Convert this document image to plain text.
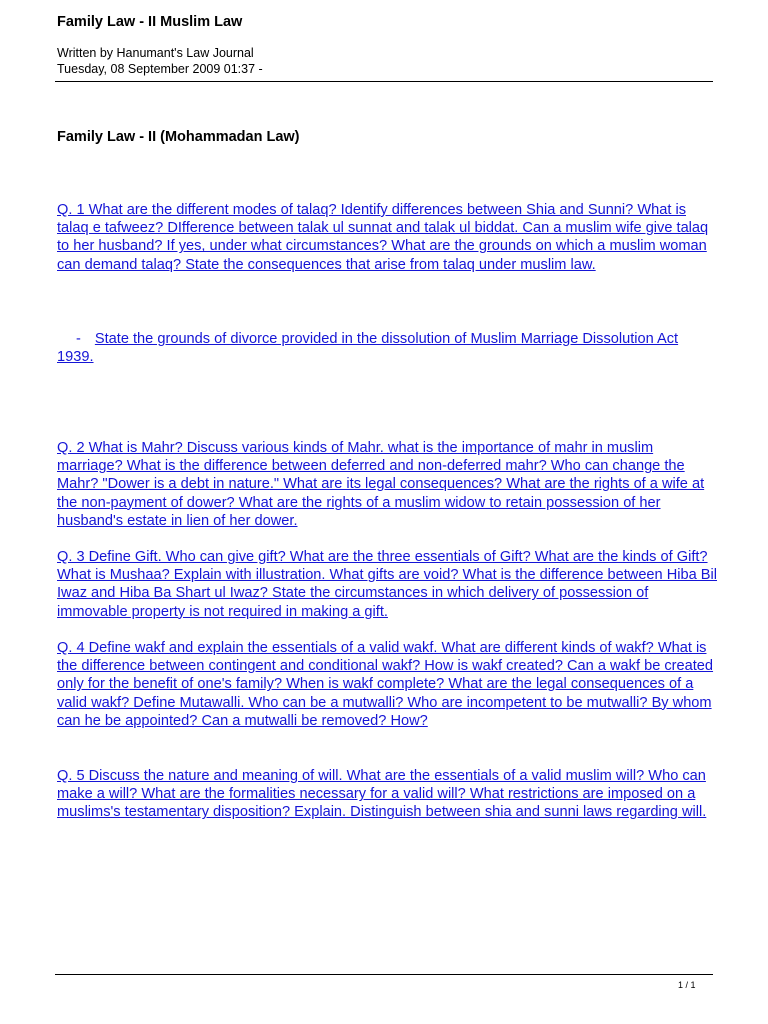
Family Law - II Muslim Law
Written by Hanumant's Law Journal
Tuesday, 08 September 2009 01:37 -
Family Law - II (Mohammadan Law)
Q. 1 What are the different modes of talaq? Identify differences between Shia and Sunni? What is talaq e tafweez? DIfference between talak ul sunnat and talak ul biddat. Can a muslim wife give talaq to her husband? If yes, under what circumstances? What are the grounds on which a muslim woman can demand talaq? State the consequences that arise from talaq under muslim law.
- State the grounds of divorce provided in the dissolution of Muslim Marriage Dissolution Act 1939.
Q. 2 What is Mahr? Discuss various kinds of Mahr. what is the importance of mahr in muslim marriage? What is the difference between deferred and non-deferred mahr? Who can change the Mahr? "Dower is a debt in nature." What are its legal consequences? What are the rights of a wife at the non-payment of dower? What are the rights of a muslim widow to retain possession of her husband's estate in lien of her dower.
Q. 3 Define Gift. Who can give gift? What are the three essentials of Gift? What are the kinds of Gift? What is Mushaa? Explain with illustration. What gifts are void? What is the difference between Hiba Bil Iwaz and Hiba Ba Shart ul Iwaz? State the circumstances in which delivery of possession of immovable property is not required in making a gift.
Q. 4 Define wakf and explain the essentials of a valid wakf. What are different kinds of wakf? What is the difference between contingent and conditional wakf? How is wakf created? Can a wakf be created only for the benefit of one's family? When is wakf complete? What are the legal consequences of a valid wakf? Define Mutawalli. Who can be a mutwalli? Who are incompetent to be mutwalli? By whom can he be appointed? Can a mutwalli be removed? How?
Q. 5 Discuss the nature and meaning of will. What are the essentials of a valid muslim will? Who can make a will? What are the formalities necessary for a valid will? What restrictions are imposed on a muslims's testamentary disposition? Explain. Distinguish between shia and sunni laws regarding will.
1 / 1
